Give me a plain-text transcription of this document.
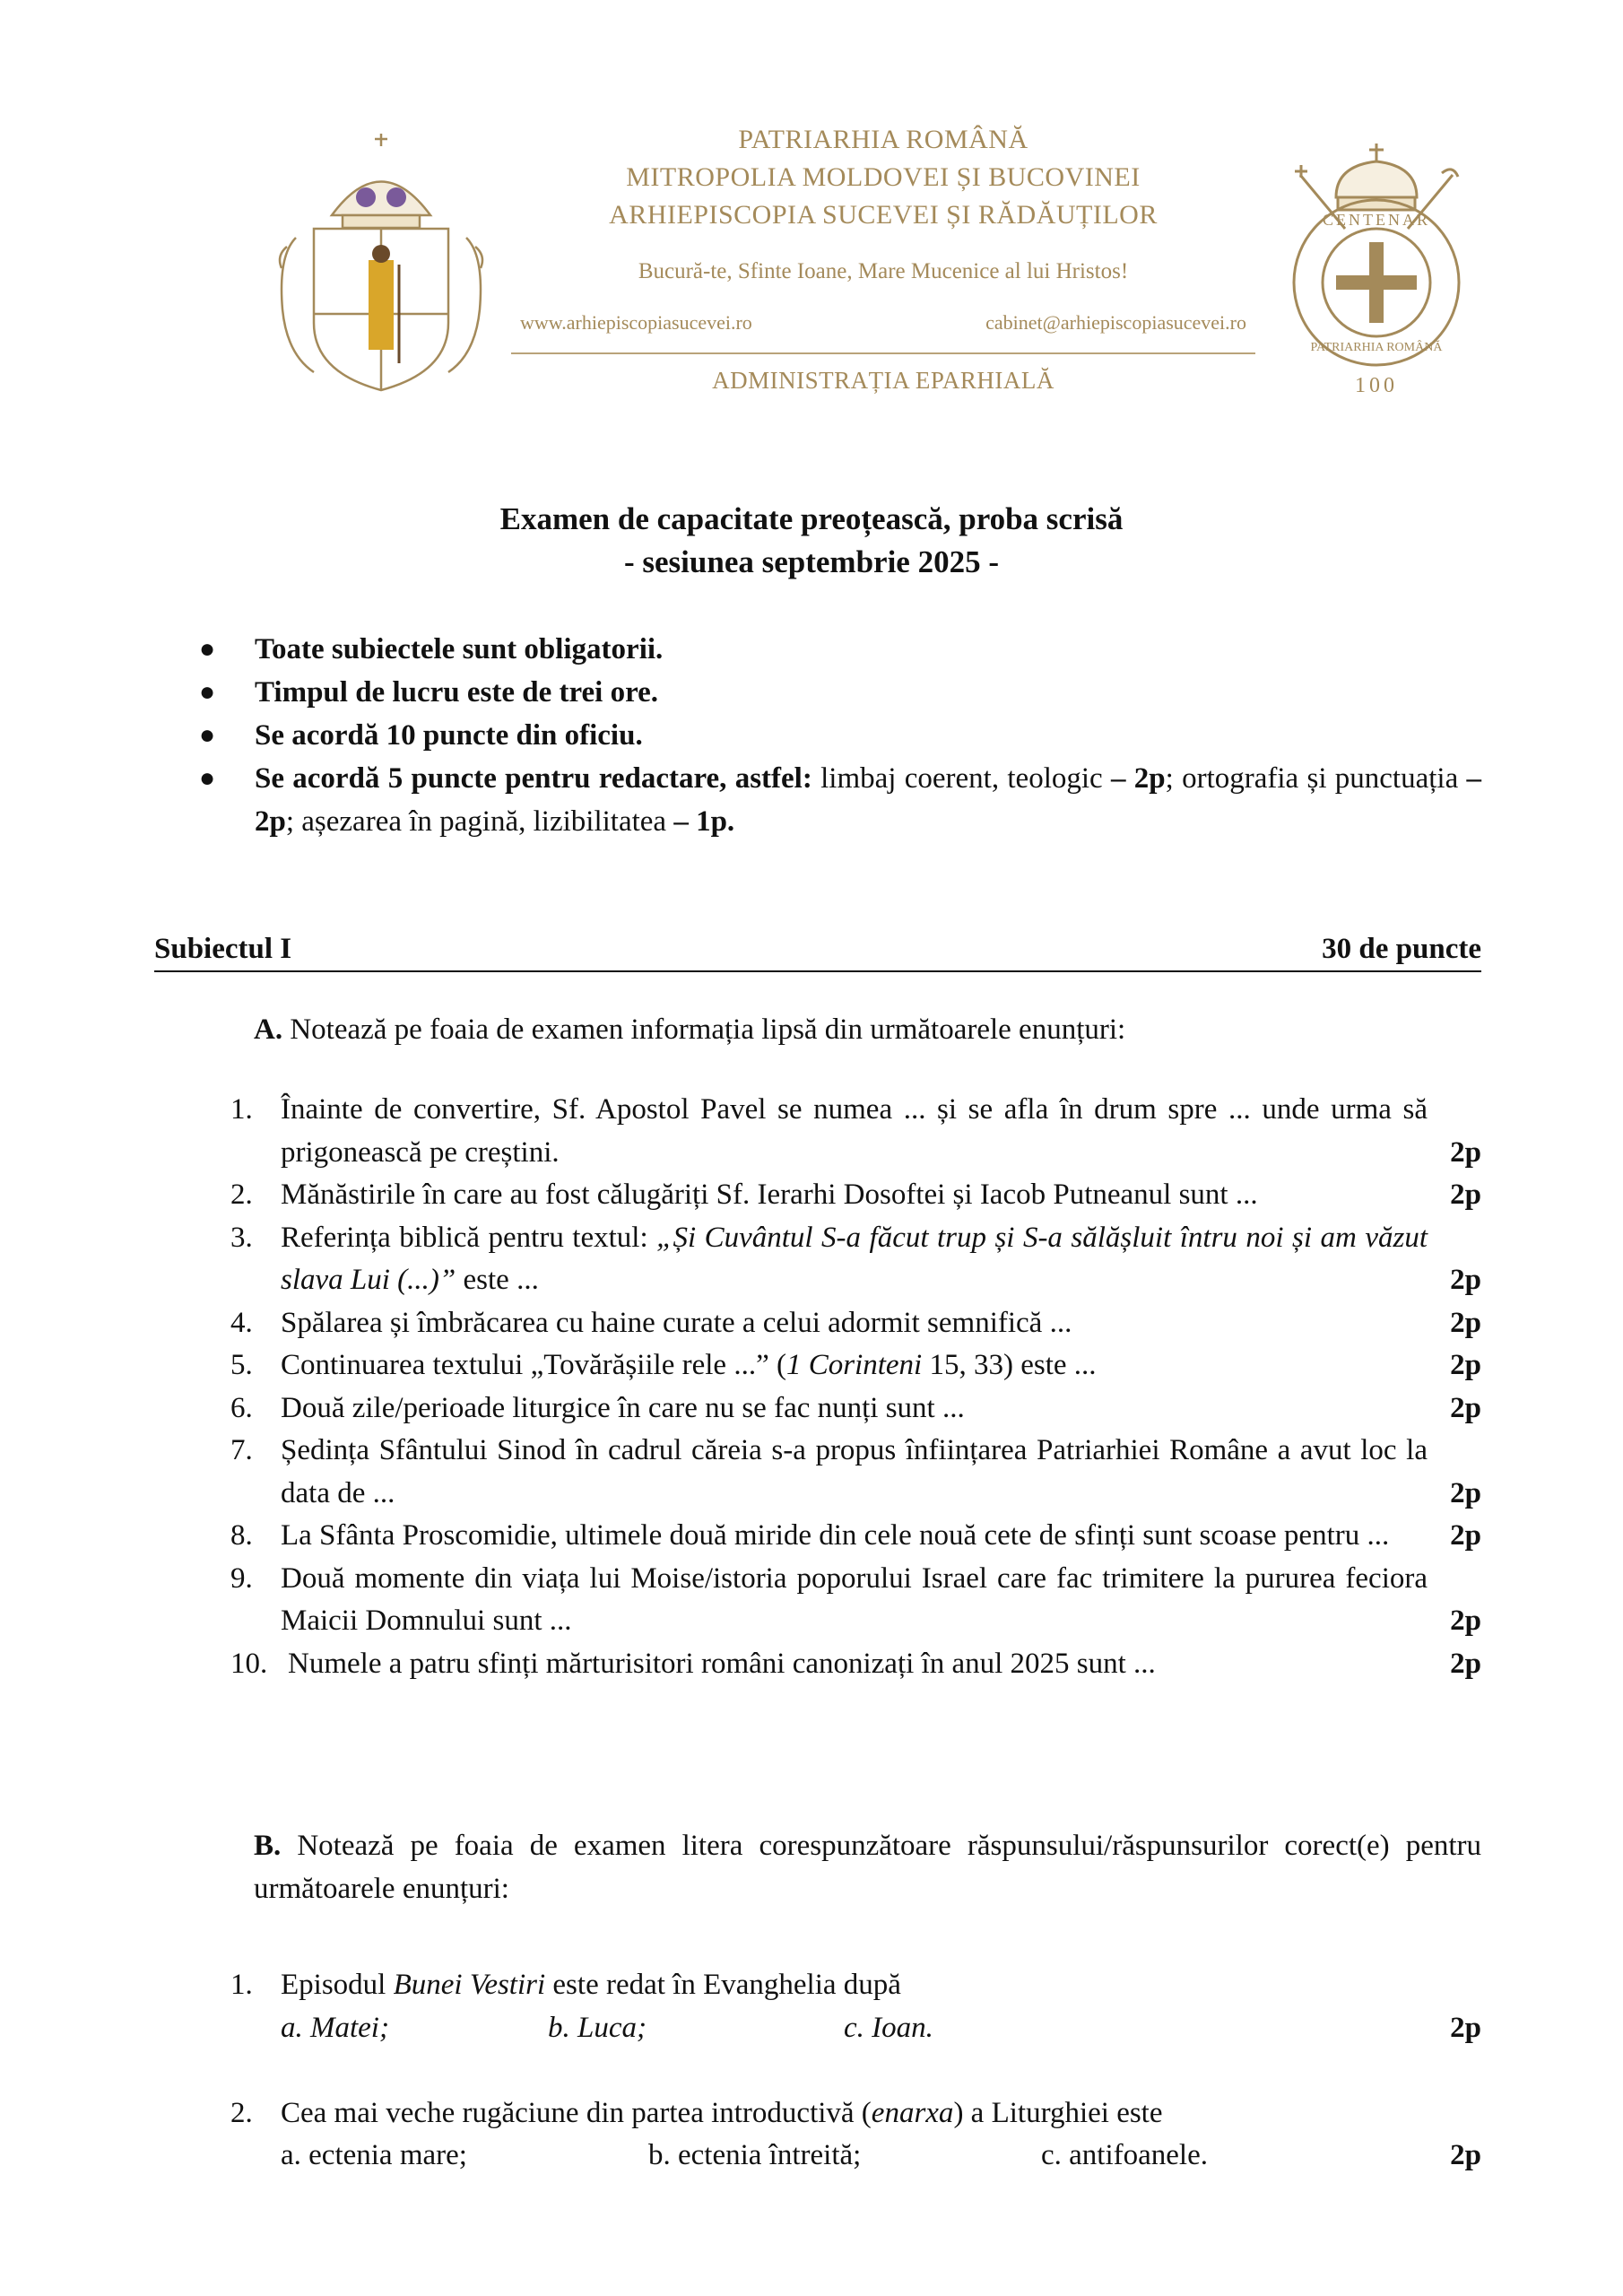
PATRIARHIA ROMÂNĂ
MITROPOLIA MOLDOVEI ȘI BUCOVINEI
ARHIEPISCOPIA SUCEVEI ȘI RĂDĂUȚILOR
Bucură-te, Sfinte Ioane, Mare Mucenice al lui Hristos!
www.arhiepiscopiasucevei.ro	cabinet@arhiepiscopiasucevei.ro
ADMINISTRAȚIA EPARHIALĂ
CENTENAR
PATRIARHIA ROMÂNĂ
100
Examen de capacitate preoțească, proba scrisă
- sesiunea septembrie 2025 -
● Toate subiectele sunt obligatorii.
● Timpul de lucru este de trei ore.
● Se acordă 10 puncte din oficiu.
● Se acordă 5 puncte pentru redactare, astfel: limbaj coerent, teologic – 2p; ortografia și punctuația – 2p; așezarea în pagină, lizibilitatea – 1p.
Subiectul I	30 de puncte
A. Notează pe foaia de examen informația lipsă din următoarele enunțuri:
1. Înainte de convertire, Sf. Apostol Pavel se numea ... și se afla în drum spre ... unde urma să prigonească pe creștini.	2p
2. Mănăstirile în care au fost călugăriți Sf. Ierarhi Dosoftei și Iacob Putneanul sunt ...	2p
3. Referința biblică pentru textul: „Și Cuvântul S-a făcut trup și S-a sălășluit întru noi și am văzut slava Lui (...)” este ...	2p
4. Spălarea și îmbrăcarea cu haine curate a celui adormit semnifică ...	2p
5. Continuarea textului „Tovărășiile rele ...” (1 Corinteni 15, 33) este ...	2p
6. Două zile/perioade liturgice în care nu se fac nunți sunt ...	2p
7. Ședința Sfântului Sinod în cadrul căreia s-a propus înființarea Patriarhiei Române a avut loc la data de ...	2p
8. La Sfânta Proscomidie, ultimele două miride din cele nouă cete de sfinți sunt scoase pentru ...	2p
9. Două momente din viața lui Moise/istoria poporului Israel care fac trimitere la pururea feciora Maicii Domnului sunt ...	2p
10. Numele a patru sfinți mărturisitori români canonizați în anul 2025 sunt ...	2p
B. Notează pe foaia de examen litera corespunzătoare răspunsului/răspunsurilor corect(e) pentru următoarele enunțuri:
1. Episodul Bunei Vestiri este redat în Evanghelia după
a. Matei;	b. Luca;	c. Ioan.	2p
2. Cea mai veche rugăciune din partea introductivă (enarxa) a Liturghiei este
a. ectenia mare;	b. ectenia întreită;	c. antifoanele.	2p
